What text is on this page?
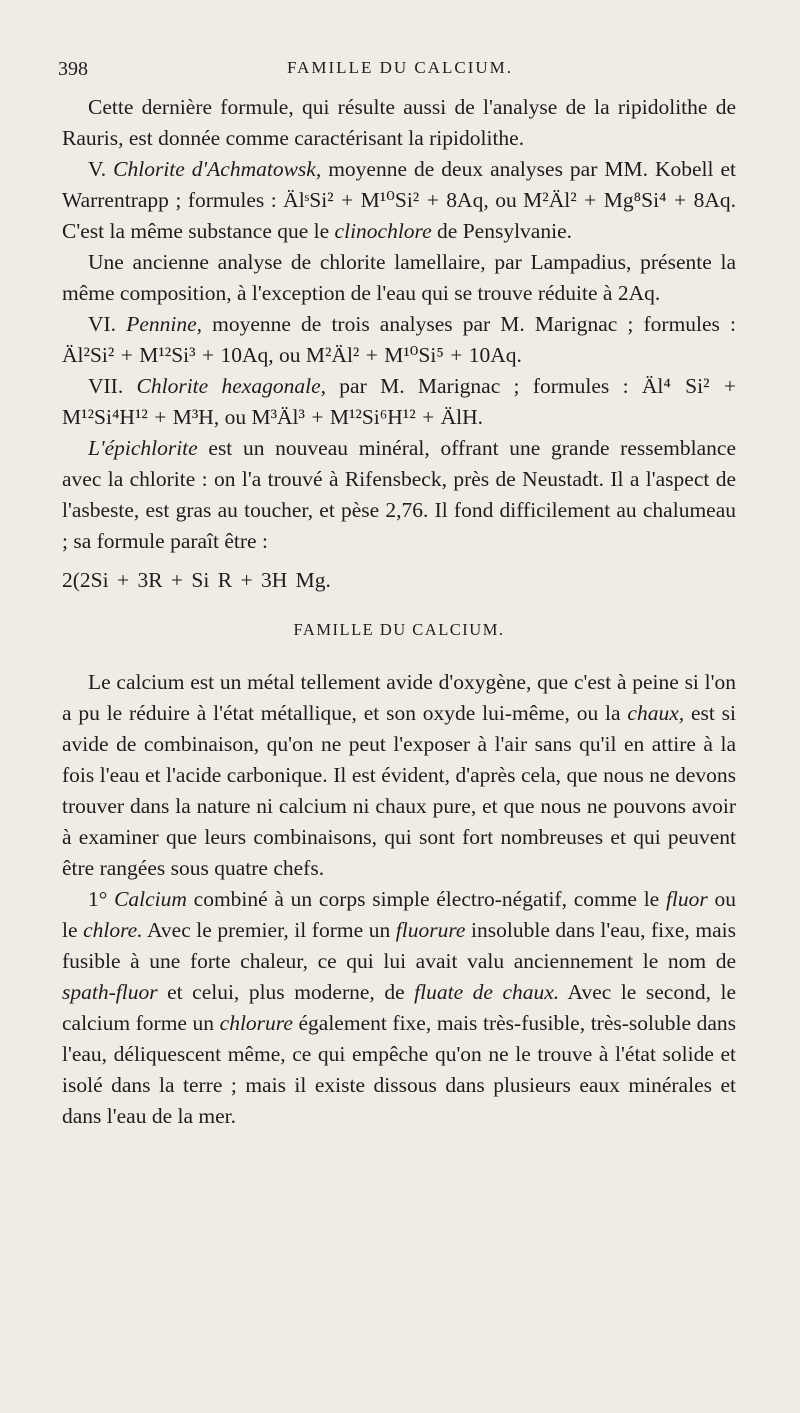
398	FAMILLE DU CALCIUM.

Cette dernière formule, qui résulte aussi de l'analyse de la ripidolithe de Rauris, est donnée comme caractérisant la ripidolithe.

V. Chlorite d'Achmatowsk, moyenne de deux analyses par MM. Kobell et Warrentrapp ; formules : ÄlˢSi² + M¹⁰Si² + 8Aq, ou M²Äl² + Mg⁸Si⁴ + 8Aq. C'est la même substance que le clinochlore de Pensylvanie.

Une ancienne analyse de chlorite lamellaire, par Lampadius, présente la même composition, à l'exception de l'eau qui se trouve réduite à 2Aq.

VI. Pennine, moyenne de trois analyses par M. Marignac ; formules : Äl²Si² + M¹²Si³ + 10Aq, ou M²Äl² + M¹⁰Si⁵ + 10Aq.

VII. Chlorite hexagonale, par M. Marignac ; formules : Äl⁴ Si² + M¹²Si⁴H¹² + M³H, ou M³Äl³ + M¹²Si⁶H¹² + ÄlH.

L'épichlorite est un nouveau minéral, offrant une grande ressemblance avec la chlorite : on l'a trouvé à Rifensbeck, près de Neustadt. Il a l'aspect de l'asbeste, est gras au toucher, et pèse 2,76. Il fond difficilement au chalumeau ; sa formule paraît être :

2(2Si + 3R + Si R + 3H Mg.

FAMILLE DU CALCIUM.

Le calcium est un métal tellement avide d'oxygène, que c'est à peine si l'on a pu le réduire à l'état métallique, et son oxyde lui-même, ou la chaux, est si avide de combinaison, qu'on ne peut l'exposer à l'air sans qu'il en attire à la fois l'eau et l'acide carbonique. Il est évident, d'après cela, que nous ne devons trouver dans la nature ni calcium ni chaux pure, et que nous ne pouvons avoir à examiner que leurs combinaisons, qui sont fort nombreuses et qui peuvent être rangées sous quatre chefs.

1° Calcium combiné à un corps simple électro-négatif, comme le fluor ou le chlore. Avec le premier, il forme un fluorure insoluble dans l'eau, fixe, mais fusible à une forte chaleur, ce qui lui avait valu anciennement le nom de spath-fluor et celui, plus moderne, de fluate de chaux. Avec le second, le calcium forme un chlorure également fixe, mais très-fusible, très-soluble dans l'eau, déliquescent même, ce qui empêche qu'on ne le trouve à l'état solide et isolé dans la terre ; mais il existe dissous dans plusieurs eaux minérales et dans l'eau de la mer.
